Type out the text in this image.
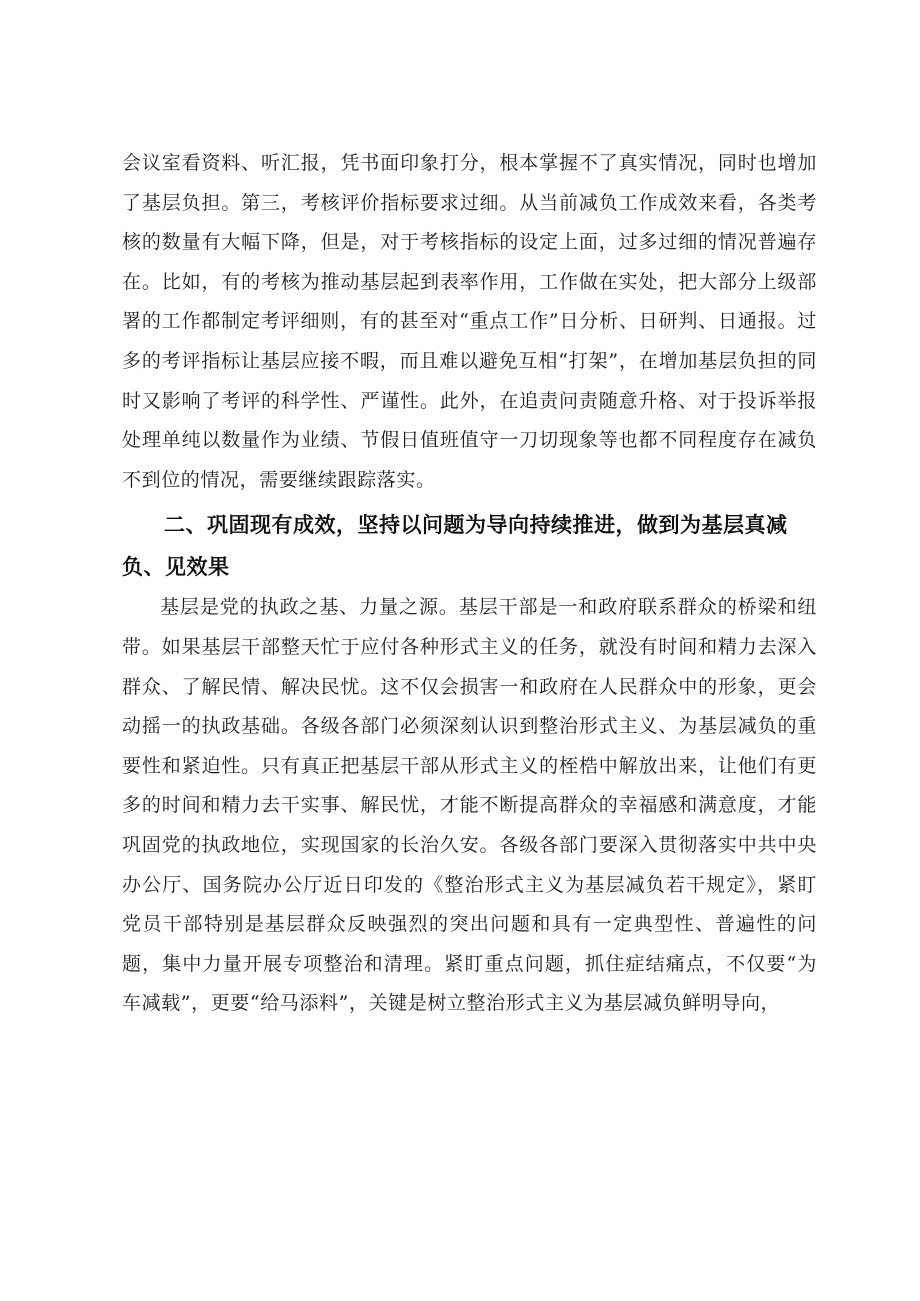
会议室看资料、听汇报，凭书面印象打分，根本掌握不了真实情况，同时也增加了基层负担。第三，考核评价指标要求过细。从当前减负工作成效来看，各类考核的数量有大幅下降，但是，对于考核指标的设定上面，过多过细的情况普遍存在。比如，有的考核为推动基层起到表率作用，工作做在实处，把大部分上级部署的工作都制定考评细则，有的甚至对“重点工作”日分析、日研判、日通报。过多的考评指标让基层应接不暇，而且难以避免互相“打架”，在增加基层负担的同时又影响了考评的科学性、严谨性。此外，在追责问责随意升格、对于投诉举报处理单纯以数量作为业绩、节假日值班值守一刀切现象等也都不同程度存在减负不到位的情况，需要继续跟踪落实。

二、巩固现有成效，坚持以问题为导向持续推进，做到为基层真减负、见效果

基层是党的执政之基、力量之源。基层干部是一和政府联系群众的桥梁和纽带。如果基层干部整天忙于应付各种形式主义的任务，就没有时间和精力去深入群众、了解民情、解决民忧。这不仅会损害一和政府在人民群众中的形象，更会动摇一的执政基础。各级各部门必须深刻认识到整治形式主义、为基层减负的重要性和紧迫性。只有真正把基层干部从形式主义的桎梏中解放出来，让他们有更多的时间和精力去干实事、解民忧，才能不断提高群众的幸福感和满意度，才能巩固党的执政地位，实现国家的长治久安。各级各部门要深入贯彻落实中共中央办公厅、国务院办公厅近日印发的《整治形式主义为基层减负若干规定》，紧盯党员干部特别是基层群众反映强烈的突出问题和具有一定典型性、普遍性的问题，集中力量开展专项整治和清理。紧盯重点问题，抓住症结痛点，不仅要“为车减载”，更要“给马添料”，关键是树立整治形式主义为基层减负鲜明导向，
